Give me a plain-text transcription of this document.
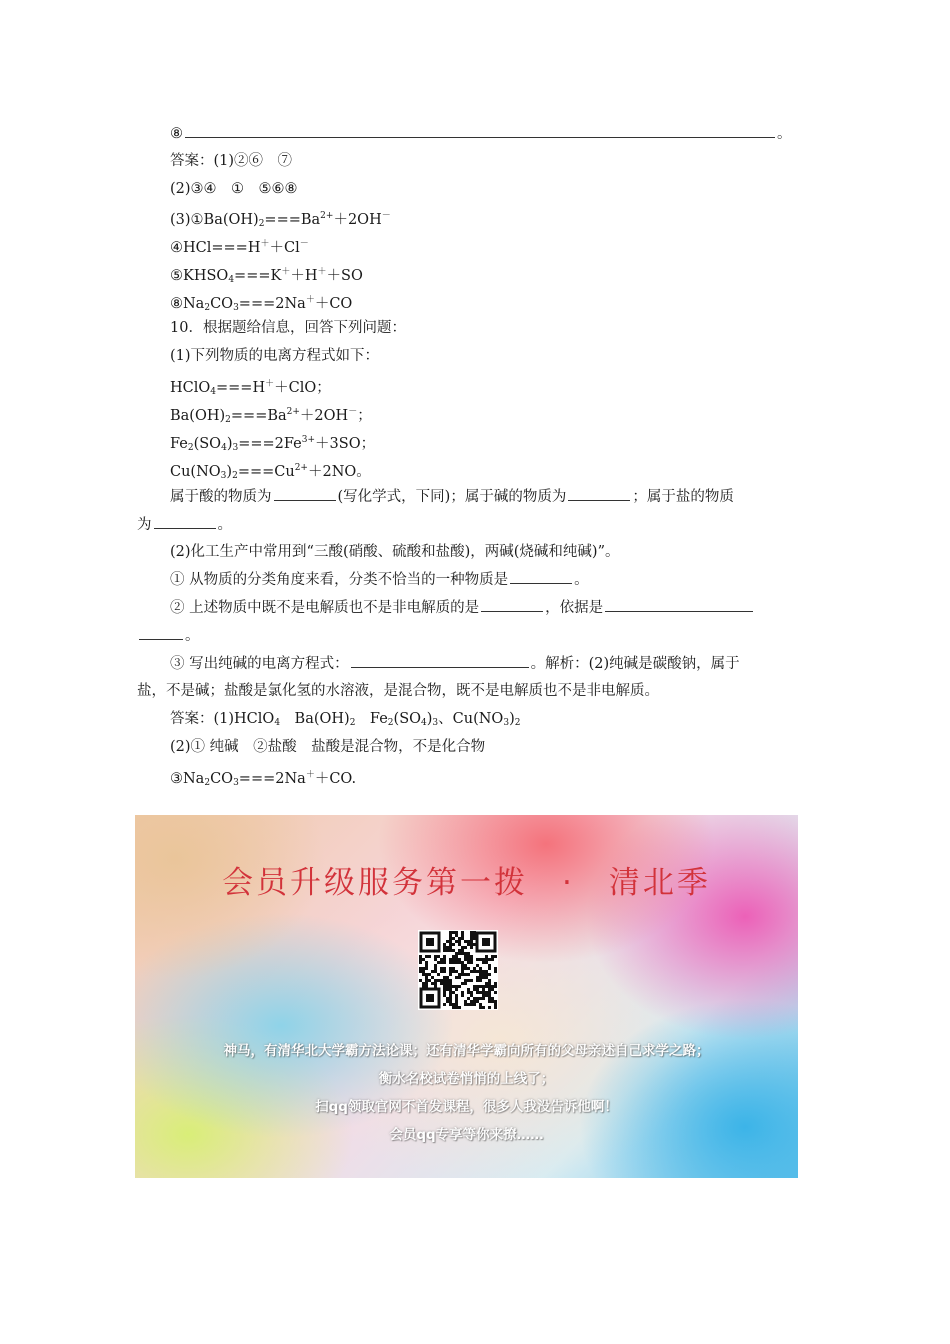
⑧	。
答案：(1)②⑥　⑦
(2)③④　①　⑤⑥⑧
$(3)①Ba(OH)_2===Ba^{2+}+2OH^-$
④HCl===H＋＋Cl－
$⑤KHSO_4===K^++H^++SO$
$⑧Na_2CO_3===2Na^++CO$
10．根据题给信息，回答下列问题：
(1)下列物质的电离方程式如下：
HClO$_4$===H＋＋ClO；
$Ba(OH)_2===Ba^{2+}+2OH^-$；
$Fe_2(SO_4)_3===2Fe^{3+}+3SO$；
$Cu(NO_3)_2===Cu^{2+}+2NO$。
属于酸的物质为	(写化学式，下同)；属于碱的物质为	；属于盐的物质
为	。
(2)化工生产中常用到“三酸(硝酸、硫酸和盐酸)，两碱(烧碱和纯碱)”。
① 从物质的分类角度来看，分类不恰当的一种物质是	。
② 上述物质中既不是电解质也不是非电解质的是	，依据是
。
③ 写出纯碱的电离方程式：	。解析：(2)纯碱是碳酸钠，属于
盐，不是碱；盐酸是氯化氢的水溶液，是混合物，既不是电解质也不是非电解质。
答案：(1)HClO$_4$　$Ba(OH)_2$　$Fe_2(SO_4)_3$、$Cu(NO_3)_2$
(2)① 纯碱　②盐酸　盐酸是混合物，不是化合物
$③Na_2CO_3===2Na^++CO$.
会员升级服务第一拨　·　清北季
神马，有清华北大学霸方法论课；还有清华学霸向所有的父母亲述自己求学之路；
衡水名校试卷悄悄的上线了；
扫qq领取官网不首发课程，很多人我没告诉他啊！
会员qq专享等你来撩……
